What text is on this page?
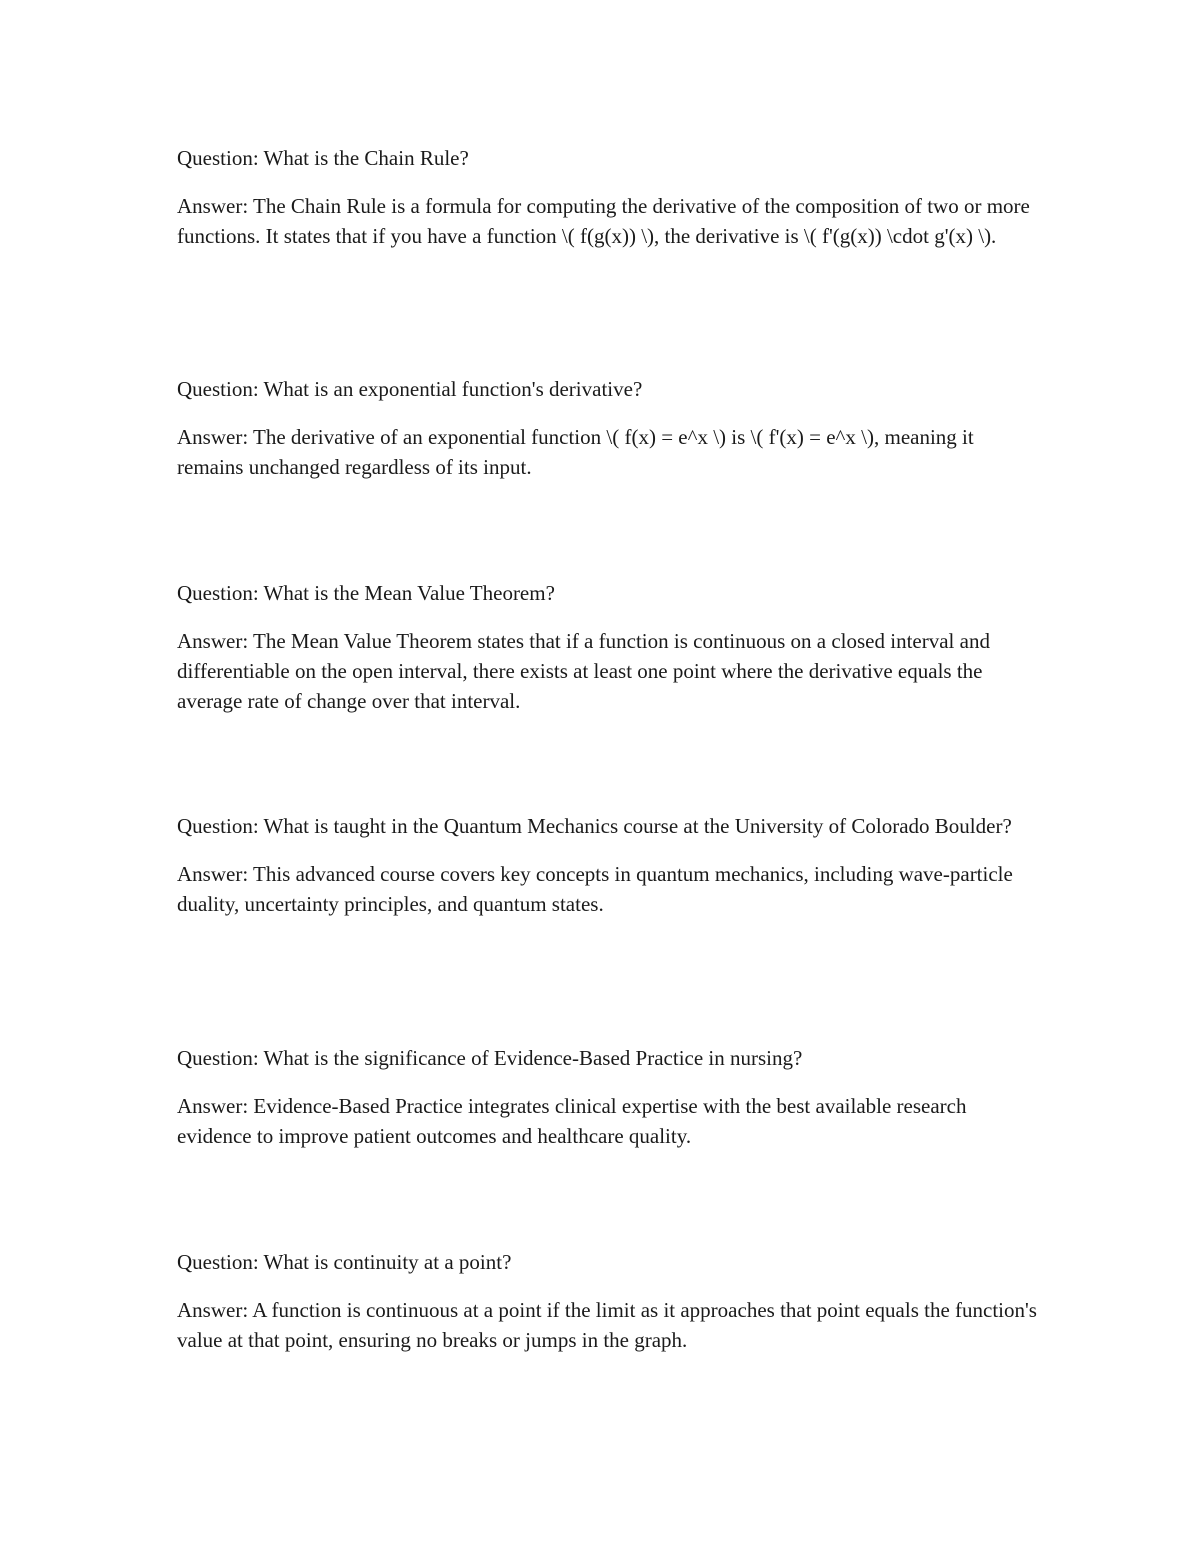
Question: What is the Chain Rule?

Answer: The Chain Rule is a formula for computing the derivative of the composition of two or more functions. It states that if you have a function \( f(g(x)) \), the derivative is \( f'(g(x)) \cdot g'(x) \).

Question: What is an exponential function's derivative?

Answer: The derivative of an exponential function \( f(x) = e^x \) is \( f'(x) = e^x \), meaning it remains unchanged regardless of its input.

Question: What is the Mean Value Theorem?

Answer: The Mean Value Theorem states that if a function is continuous on a closed interval and differentiable on the open interval, there exists at least one point where the derivative equals the average rate of change over that interval.

Question: What is taught in the Quantum Mechanics course at the University of Colorado Boulder?

Answer: This advanced course covers key concepts in quantum mechanics, including wave-particle duality, uncertainty principles, and quantum states.

Question: What is the significance of Evidence-Based Practice in nursing?

Answer: Evidence-Based Practice integrates clinical expertise with the best available research evidence to improve patient outcomes and healthcare quality.

Question: What is continuity at a point?

Answer: A function is continuous at a point if the limit as it approaches that point equals the function's value at that point, ensuring no breaks or jumps in the graph.
